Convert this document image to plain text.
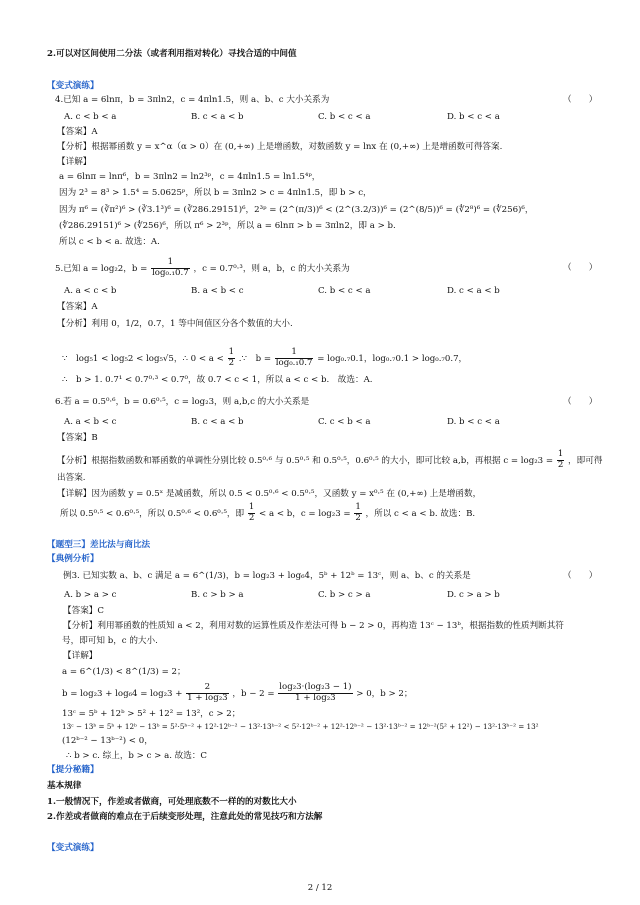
2.可以对区间使用二分法（或者利用指对转化）寻找合适的中间值
【变式演练】
4.已知 a = 6lnπ，b = 3πln2，c = 4πln1.5，则 a、b、c 大小关系为	（　　）
A. c < b < a	B. c < a < b	C. b < c < a	D. b < c < a
【答案】A
【分析】根据幂函数 y = x^α（α > 0）在 (0,+∞) 上是增函数，对数函数 y = lnx 在 (0,+∞) 上是增函数可得答案.
【详解】
a = 6lnπ = lnπ⁶，b = 3πln2 = ln2³ᵖ，c = 4πln1.5 = ln1.5⁴ᵖ，
因为 2³ = 8³ > 1.5⁴ = 5.0625ᵖ，所以 b = 3πln2 > c = 4πln1.5，即 b > c，
因为 π⁶ = (∛π²)⁶ > (∛3.1³)⁶ = (∛286.29151)⁶，2³ᵖ = (2^(π/3))⁶ < (2^(3.2/3))⁶ = (2^(8/5))⁶ = (∜2⁸)⁶ = (∜256)⁶，
(∜286.29151)⁶ > (∜256)⁶，所以 π⁶ > 2³ᵖ，所以 a = 6lnπ > b = 3πln2，即 a > b.
所以 c < b < a. 故选：A.
5.已知 a = log₂2，$b = \frac{1}{\text{log₀.₁0.7}}$ ，c = 0.7⁰·³，则 a，b，c 的大小关系为	（　　）
A. a < c < b	B. a < b < c	C. b < c < a	D. c < a < b
【答案】A
【分析】利用 0，1/2，0.7，1 等中间值区分各个数值的大小.
∵　log₅1 < log₅2 < log₅√5，∴ $0 < a < \frac{1}{2}$ .∵　$b = \frac{1}{\text{log₀.₁0.7}} = \log_0._70.1$，log₀.₇0.1 > log₀.₇0.7，
∴　b > 1. 0.7¹ < 0.7⁰·³ < 0.7⁰，故 0.7 < c < 1，所以 a < c < b.　故选：A.
6.若 a = 0.5⁰·⁶，b = 0.6⁰·⁵，c = log₂3，则 a,b,c 的大小关系是	（　　）
A. a < b < c	B. c < a < b	C. c < b < a	D. b < c < a
【答案】B
【分析】根据指数函数和幂函数的单调性分别比较 0.5⁰·⁶ 与 0.5⁰·⁵ 和 0.5⁰·⁵，0.6⁰·⁵ 的大小，即可比较 a,b，再根据 $c = \log_23 = \frac{1}{2}$ ，即可得
出答案.
【详解】因为函数 y = 0.5ˣ 是减函数，所以 0.5 < 0.5⁰·⁶ < 0.5⁰·⁵，又函数 y = x⁰·⁵ 在 (0,+∞) 上是增函数，
所以 0.5⁰·⁵ < 0.6⁰·⁵，所以 0.5⁰·⁶ < 0.6⁰·⁵，即 $\frac{1}{2} < a < b$，$c = \log_23 = \frac{1}{2}$ ，所以 c < a < b. 故选：B.
【题型三】差比法与商比法
【典例分析】
例3. 已知实数 a、b、c 满足 a = 6^(1/3)，b = log₂3 + log₆4，5ᵇ + 12ᵇ = 13ᶜ，则 a、b、c 的关系是	（　　）
A. b > a > c	B. c > b > a	C. b > c > a	D. c > a > b
【答案】C
【分析】利用幂函数的性质知 a < 2，利用对数的运算性质及作差法可得 b − 2 > 0，再构造 13ᶜ − 13ᵇ，根据指数的性质判断其符
号，即可知 b，c 的大小.
【详解】
a = 6^(1/3) < 8^(1/3) = 2；
$b = \log_23 + \log_64 = \log_23 + \frac{2}{\text{1 + log₂3}}$ ，$b - 2 = \frac{\text{log₂3·(log₂3 − 1)}}{\text{1 + log₂3}} > 0$，b > 2；
13ᶜ = 5ᵇ + 12ᵇ > 5² + 12² = 13²，c > 2；
13ᶜ − 13ᵇ = 5ᵇ + 12ᵇ − 13ᵇ = 5²·5ᵇ⁻² + 12²·12ᵇ⁻² − 13²·13ᵇ⁻² < 5²·12ᵇ⁻² + 12²·12ᵇ⁻² − 13²·13ᵇ⁻² = 12ᵇ⁻²(5² + 12²) − 13²·13ᵇ⁻² = 13²
(12ᵇ⁻² − 13ᵇ⁻²) < 0，
∴ b > c. 综上，b > c > a. 故选：C
【提分秘籍】
基本规律
1.一般情况下，作差或者做商，可处理底数不一样的的对数比大小
2.作差或者做商的难点在于后续变形处理，注意此处的常见技巧和方法解
【变式演练】
2 / 12
